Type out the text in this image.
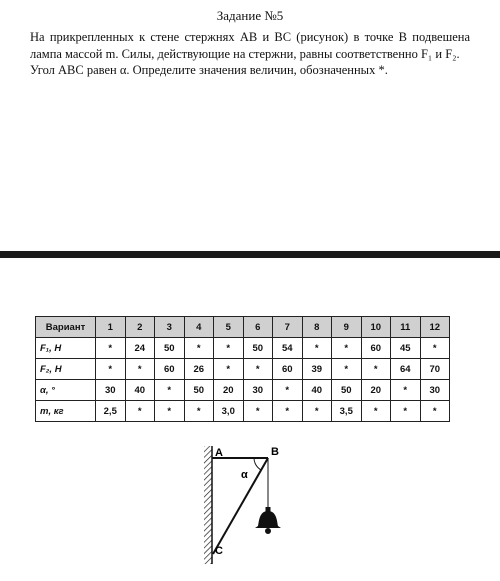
Задание №5
На прикрепленных к стене стержнях AB и BC (рисунок) в точке B подвешена лампа массой m. Силы, действующие на стержни, равны соответственно F₁ и F₂.
Угол ABC равен α. Определите значения величин, обозначенных *.
Вариант	1	2	3	4	5	6	7	8	9	10	11	12
F₁, Н	*	24	50	*	*	50	54	*	*	60	45	*
F₂, Н	*	*	60	26	*	*	60	39	*	*	64	70
α, °	30	40	*	50	20	30	*	40	50	20	*	30
m, кг	2,5	*	*	*	3,0	*	*	*	3,5	*	*	*
A	B
C
α
